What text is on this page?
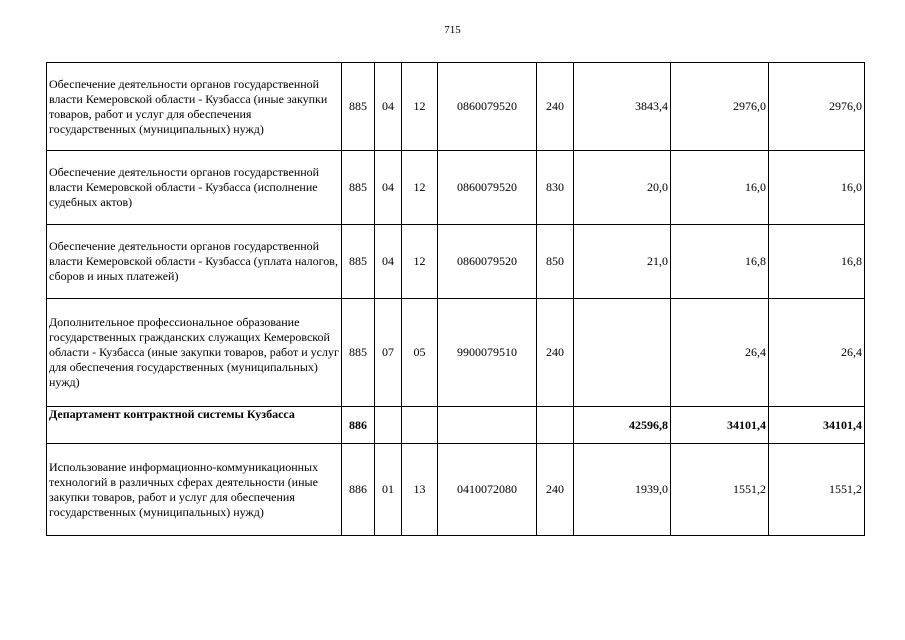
715
Обеспечение деятельности органов государственной власти Кемеровской области - Кузбасса (иные закупки товаров, работ и услуг для обеспечения государственных (муниципальных) нужд)	885	04	12	0860079520	240	3843,4	2976,0	2976,0
Обеспечение деятельности органов государственной власти Кемеровской области - Кузбасса (исполнение судебных актов)	885	04	12	0860079520	830	20,0	16,0	16,0
Обеспечение деятельности органов государственной власти Кемеровской области - Кузбасса (уплата налогов, сборов и иных платежей)	885	04	12	0860079520	850	21,0	16,8	16,8
Дополнительное профессиональное образование государственных гражданских служащих Кемеровской области - Кузбасса (иные закупки товаров, работ и услуг для обеспечения государственных (муниципальных) нужд)	885	07	05	9900079510	240		26,4	26,4
Департамент контрактной системы Кузбасса	886					42596,8	34101,4	34101,4
Использование информационно-коммуникационных технологий в различных сферах деятельности (иные закупки товаров, работ и услуг для обеспечения государственных (муниципальных) нужд)	886	01	13	0410072080	240	1939,0	1551,2	1551,2
